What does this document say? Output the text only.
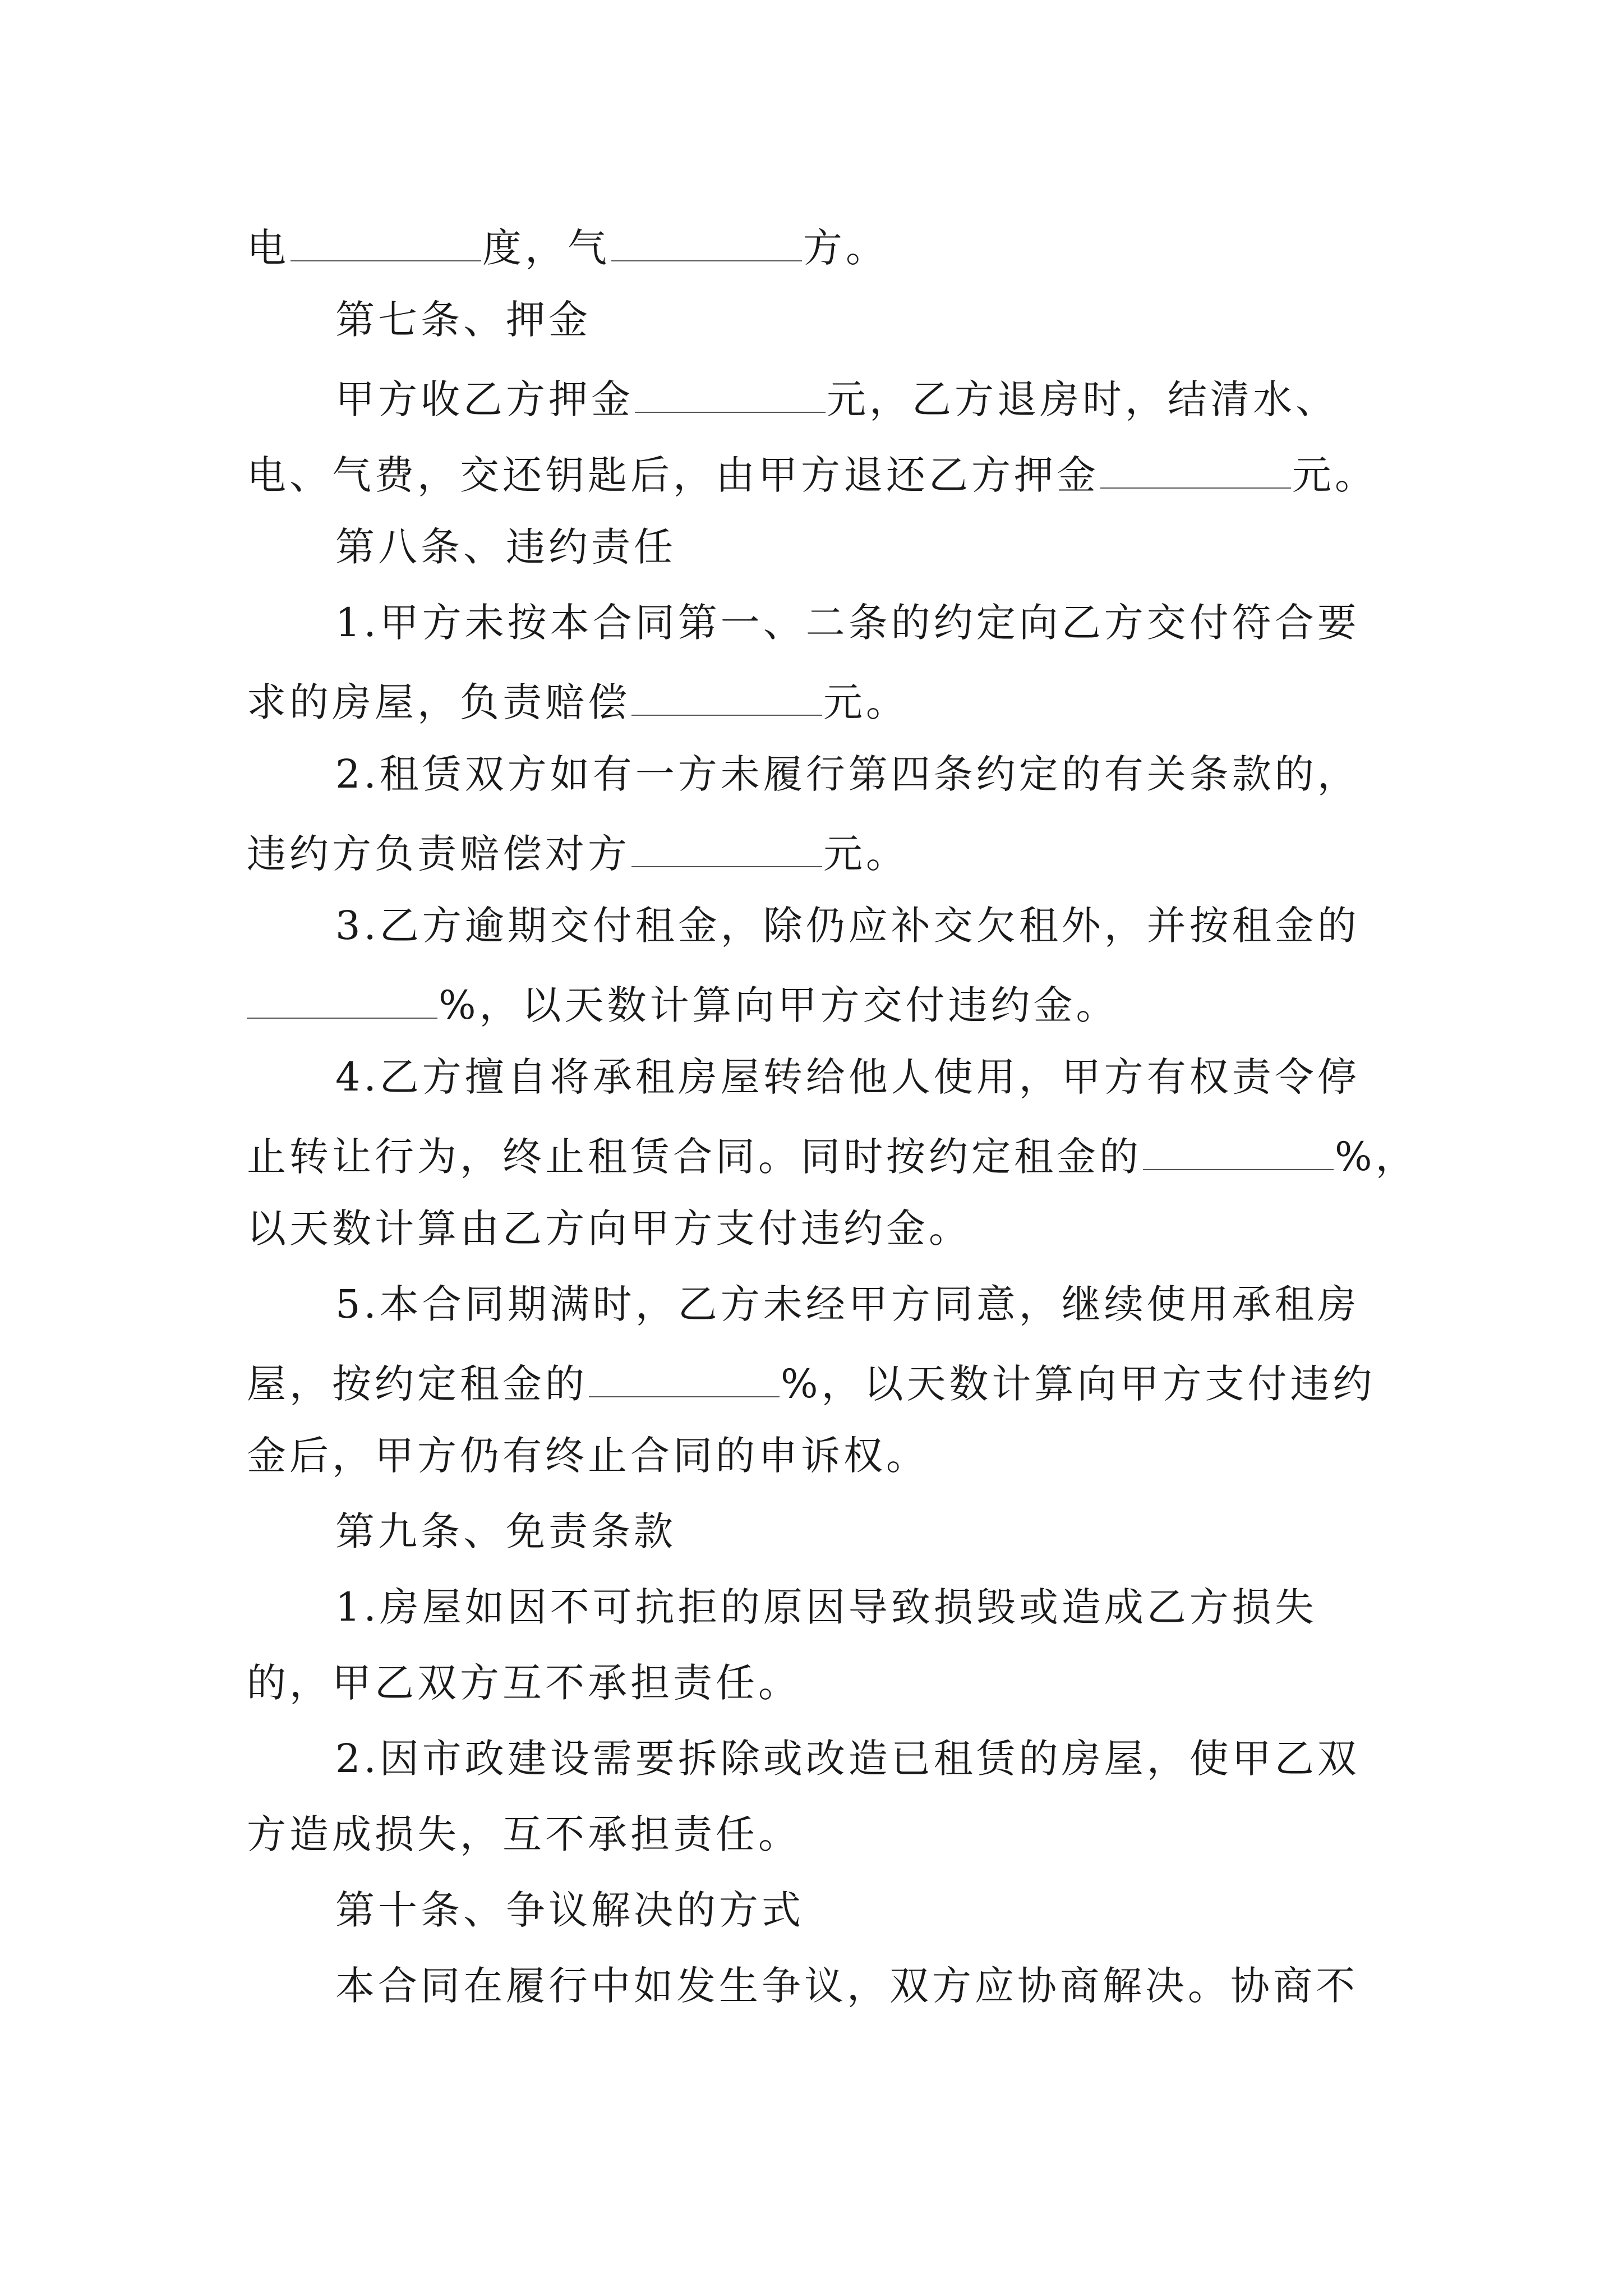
电	度，气	方。
第七条、押金
甲方收乙方押金	元，乙方退房时，结清水、
电、气费，交还钥匙后，由甲方退还乙方押金	元。
第八条、违约责任
1.甲方未按本合同第一、二条的约定向乙方交付符合要
求的房屋，负责赔偿	元。
2.租赁双方如有一方未履行第四条约定的有关条款的，
违约方负责赔偿对方	元。
3.乙方逾期交付租金，除仍应补交欠租外，并按租金的
%，以天数计算向甲方交付违约金。
4.乙方擅自将承租房屋转给他人使用，甲方有权责令停
止转让行为，终止租赁合同。同时按约定租金的	%，
以天数计算由乙方向甲方支付违约金。
5.本合同期满时，乙方未经甲方同意，继续使用承租房
屋，按约定租金的	%，以天数计算向甲方支付违约
金后，甲方仍有终止合同的申诉权。
第九条、免责条款
1.房屋如因不可抗拒的原因导致损毁或造成乙方损失
的，甲乙双方互不承担责任。
2.因市政建设需要拆除或改造已租赁的房屋，使甲乙双
方造成损失，互不承担责任。
第十条、争议解决的方式
本合同在履行中如发生争议，双方应协商解决。协商不
